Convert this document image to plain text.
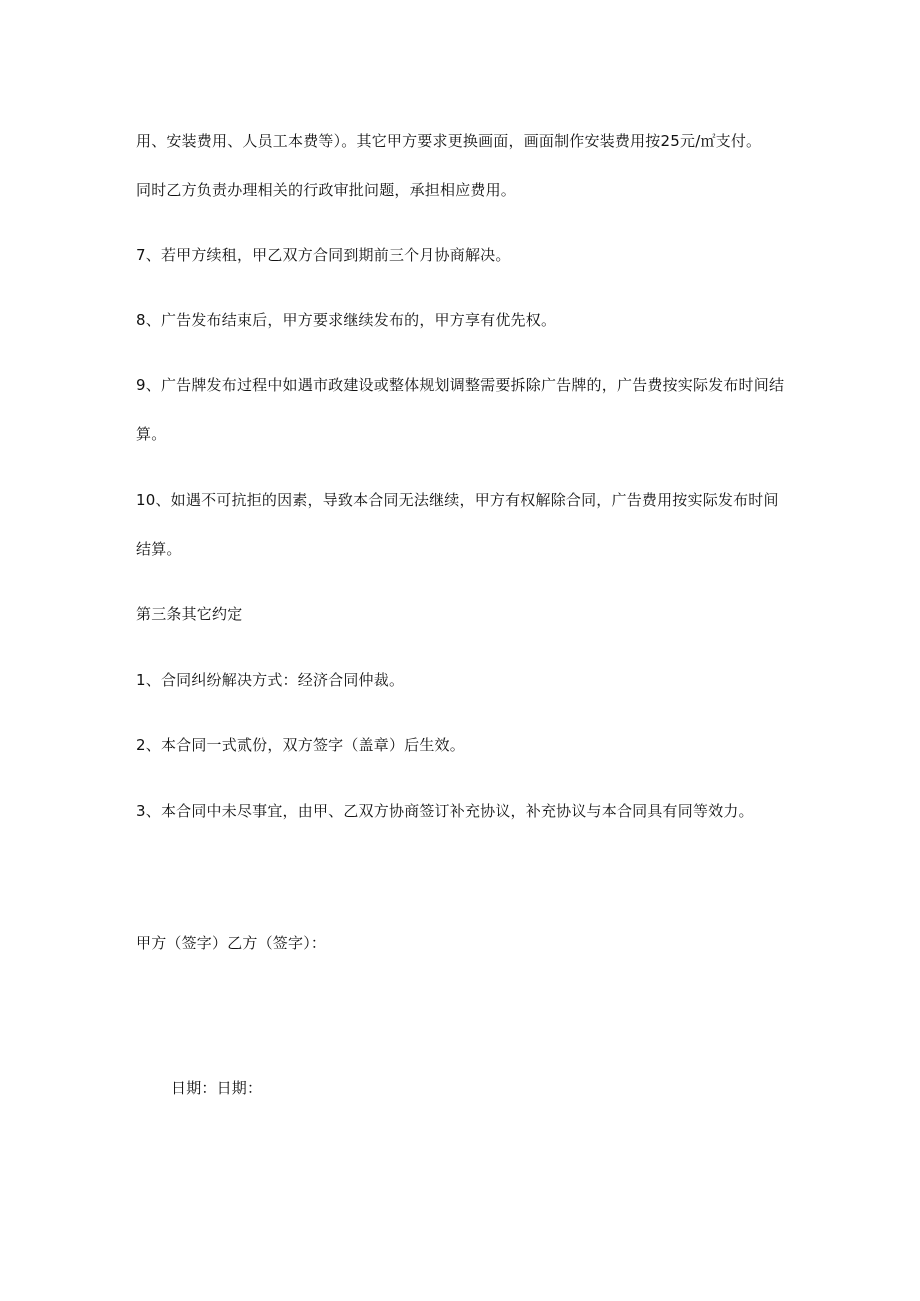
用、安装费用、人员工本费等）。其它甲方要求更换画面，画面制作安装费用按25元/㎡支付。

同时乙方负责办理相关的行政审批问题，承担相应费用。

7、若甲方续租，甲乙双方合同到期前三个月协商解决。

8、广告发布结束后，甲方要求继续发布的，甲方享有优先权。

9、广告牌发布过程中如遇市政建设或整体规划调整需要拆除广告牌的，广告费按实际发布时间结

算。

10、如遇不可抗拒的因素，导致本合同无法继续，甲方有权解除合同，广告费用按实际发布时间

结算。

第三条其它约定

1、合同纠纷解决方式：经济合同仲裁。

2、本合同一式贰份，双方签字（盖章）后生效。

3、本合同中未尽事宜，由甲、乙双方协商签订补充协议，补充协议与本合同具有同等效力。

甲方（签字）乙方（签字）：

日期：日期：
